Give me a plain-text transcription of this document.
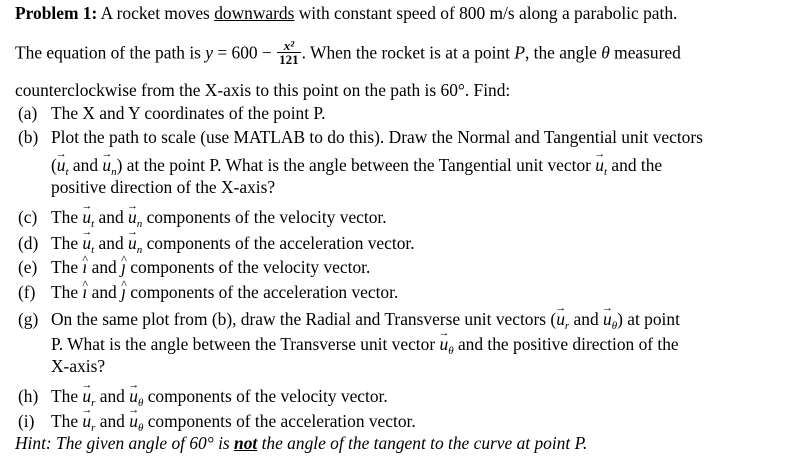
Problem 1: A rocket moves downwards with constant speed of 800 m/s along a parabolic path.
The equation of the path is $y = 600 - \frac{\text{x²}}{121}$ . When the rocket is at a point P, the angle θ measured
counterclockwise from the X-axis to this point on the path is 60°. Find:
(a) The X and Y coordinates of the point P.
(b) Plot the path to scale (use MATLAB to do this). Draw the Normal and Tangential unit vectors
(→ $u_t$ and → $u_n$) at the point P. What is the angle between the Tangential unit vector → $u_t$ and the
positive direction of the X-axis?
(c) The → $u_t$ and → $u_n$ components of the velocity vector.
(d) The → $u_t$ and → $u_n$ components of the acceleration vector.
(e) The ^ ı and ^ ȷ components of the velocity vector.
(f) The ^ ı and ^ ȷ components of the acceleration vector.
(g) On the same plot from (b), draw the Radial and Transverse unit vectors (→ $u_r$ and → $u_\theta$) at point
P. What is the angle between the Transverse unit vector → $u_\theta$ and the positive direction of the
X-axis?
(h) The → $u_r$ and → $u_\theta$ components of the velocity vector.
(i) The → $u_r$ and → $u_\theta$ components of the acceleration vector.
Hint: The given angle of 60° is not the angle of the tangent to the curve at point P.
